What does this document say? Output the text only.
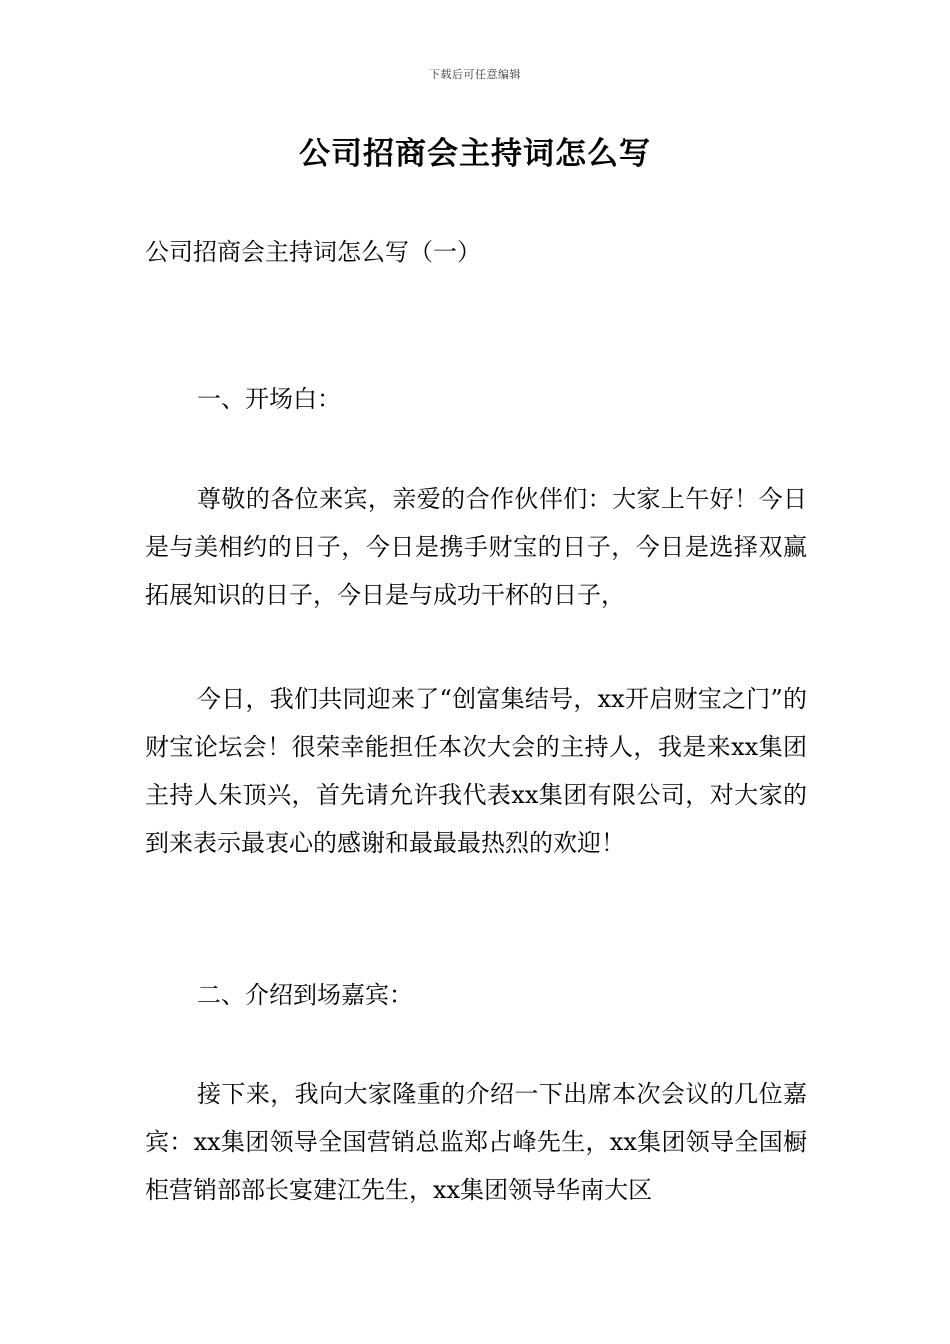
下载后可任意编辑
公司招商会主持词怎么写

公司招商会主持词怎么写（一）

一、开场白：

尊敬的各位来宾，亲爱的合作伙伴们：大家上午好！今日是与美相约的日子，今日是携手财宝的日子，今日是选择双赢拓展知识的日子，今日是与成功干杯的日子，

今日，我们共同迎来了“创富集结号，xx开启财宝之门”的财宝论坛会！很荣幸能担任本次大会的主持人，我是来xx集团主持人朱顶兴，首先请允许我代表xx集团有限公司，对大家的到来表示最衷心的感谢和最最最热烈的欢迎！

二、介绍到场嘉宾：

接下来，我向大家隆重的介绍一下出席本次会议的几位嘉宾：xx集团领导全国营销总监郑占峰先生，xx集团领导全国橱柜营销部部长宴建江先生，xx集团领导华南大区
